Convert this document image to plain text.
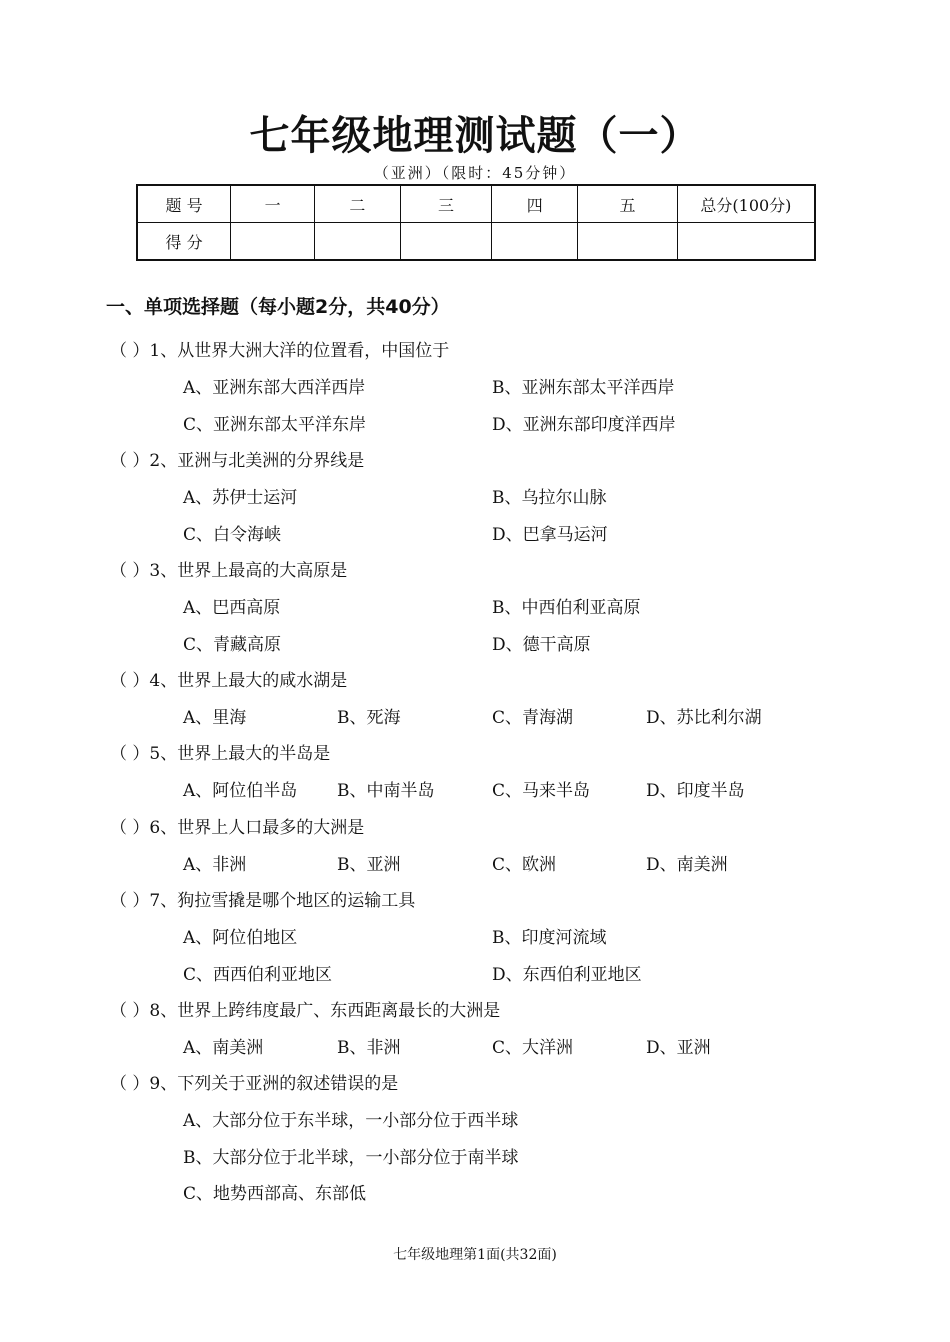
七年级地理测试题（一）
（亚洲）（限时：45分钟）
题 号	一	二	三	四	五	总分(100分)
得 分						
一、单项选择题（每小题2分，共40分）
（ ）1、从世界大洲大洋的位置看，中国位于
A、亚洲东部大西洋西岸	B、亚洲东部太平洋西岸
C、亚洲东部太平洋东岸	D、亚洲东部印度洋西岸
（ ）2、亚洲与北美洲的分界线是
A、苏伊士运河	B、乌拉尔山脉
C、白令海峡	D、巴拿马运河
（ ）3、世界上最高的大高原是
A、巴西高原	B、中西伯利亚高原
C、青藏高原	D、德干高原
（ ）4、世界上最大的咸水湖是
A、里海	B、死海	C、青海湖	D、苏比利尔湖
（ ）5、世界上最大的半岛是
A、阿位伯半岛 B、中南半岛	C、马来半岛	D、印度半岛
（ ）6、世界上人口最多的大洲是
A、非洲	B、亚洲	C、欧洲	D、南美洲
（ ）7、狗拉雪撬是哪个地区的运输工具
A、阿位伯地区	B、印度河流域
C、西西伯利亚地区	D、东西伯利亚地区
（ ）8、世界上跨纬度最广、东西距离最长的大洲是
A、南美洲	B、非洲	C、大洋洲	D、亚洲
（ ）9、下列关于亚洲的叙述错误的是
A、大部分位于东半球，一小部分位于西半球
B、大部分位于北半球，一小部分位于南半球
C、地势西部高、东部低
七年级地理第1面(共32面)
